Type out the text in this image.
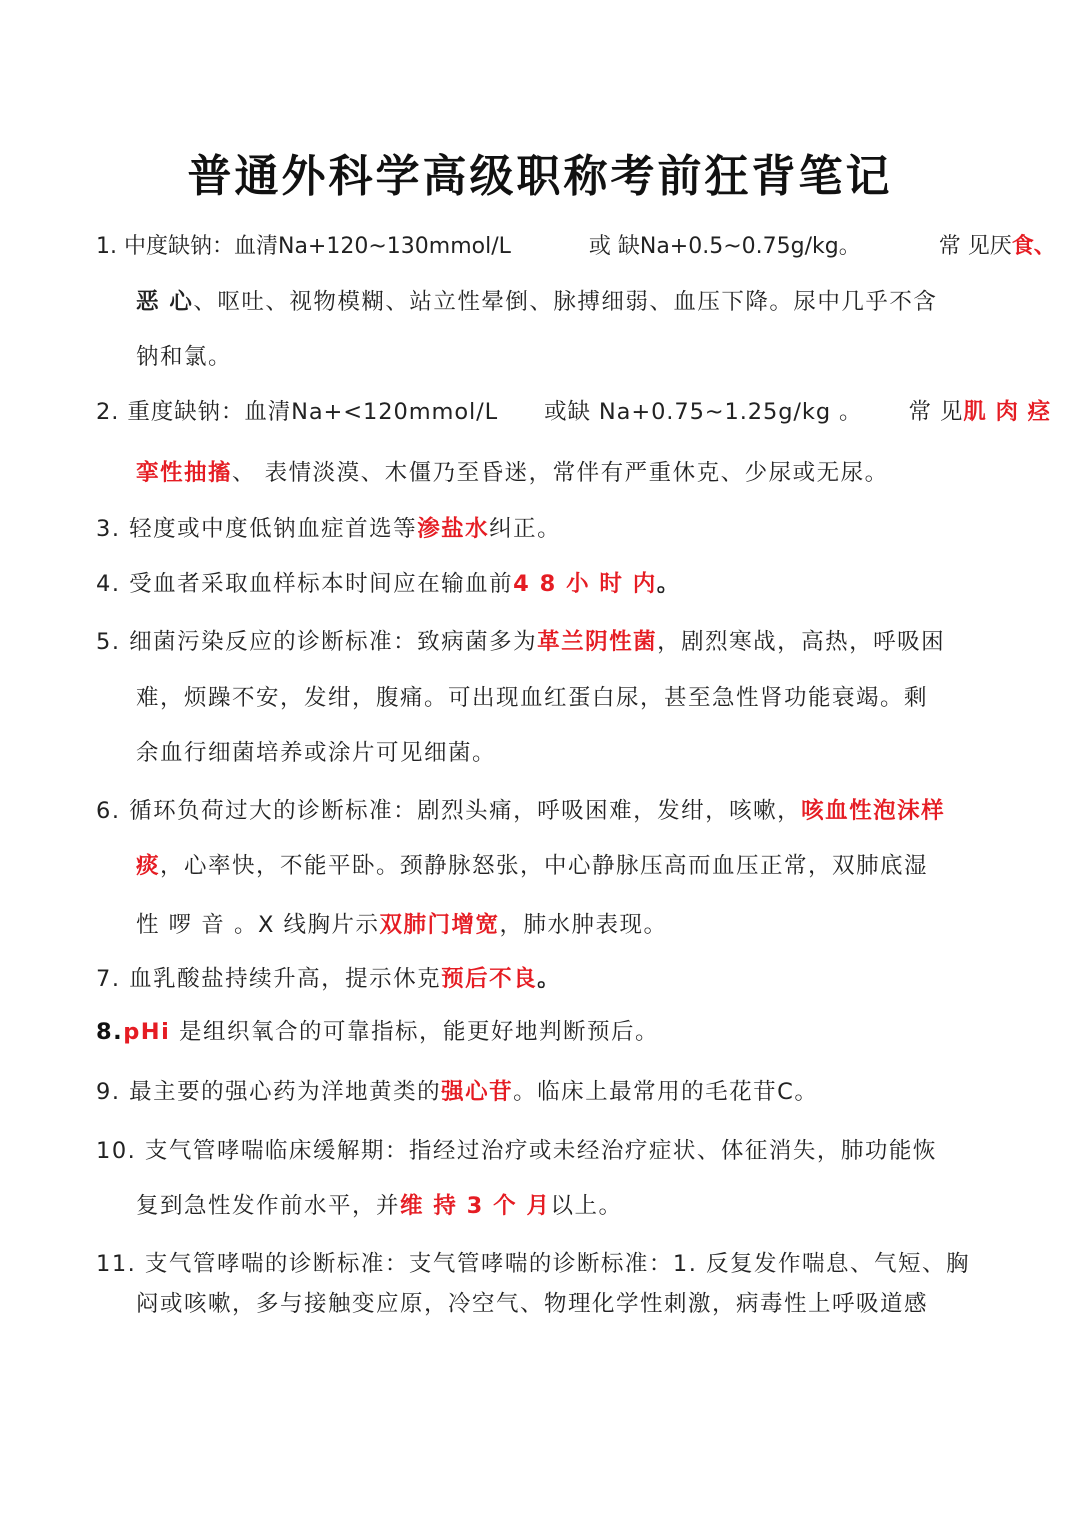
普通外科学高级职称考前狂背笔记
1. 中度缺钠：血清Na+120~130mmol/L	或 缺Na+0.5~0.75g/kg。	常 见厌食、
恶 心、呕吐、视物模糊、站立性晕倒、脉搏细弱、血压下降。尿中几乎不含
钠和氯。
2. 重度缺钠：血清Na+<120mmol/L 或缺 Na+0.75~1.25g/kg 。 常 见肌 肉 痉
挛性抽搐、 表情淡漠、木僵乃至昏迷，常伴有严重休克、少尿或无尿。
3. 轻度或中度低钠血症首选等渗盐水纠正。
4. 受血者采取血样标本时间应在输血前4 8 小 时 内。
5. 细菌污染反应的诊断标准：致病菌多为革兰阴性菌，剧烈寒战，高热，呼吸困
难，烦躁不安，发绀，腹痛。可出现血红蛋白尿，甚至急性肾功能衰竭。剩
余血行细菌培养或涂片可见细菌。
6. 循环负荷过大的诊断标准：剧烈头痛，呼吸困难，发绀，咳嗽，咳血性泡沫样
痰，心率快，不能平卧。颈静脉怒张，中心静脉压高而血压正常，双肺底湿
性 啰 音 。X 线胸片示双肺门增宽，肺水肿表现。
7. 血乳酸盐持续升高，提示休克预后不良。
8.pHi 是组织氧合的可靠指标，能更好地判断预后。
9. 最主要的强心药为洋地黄类的强心苷。临床上最常用的毛花苷C。
10. 支气管哮喘临床缓解期：指经过治疗或未经治疗症状、体征消失，肺功能恢
复到急性发作前水平，并维 持 3 个 月以上。
11. 支气管哮喘的诊断标准：支气管哮喘的诊断标准：1. 反复发作喘息、气短、胸
闷或咳嗽，多与接触变应原，冷空气、物理化学性刺激，病毒性上呼吸道感
